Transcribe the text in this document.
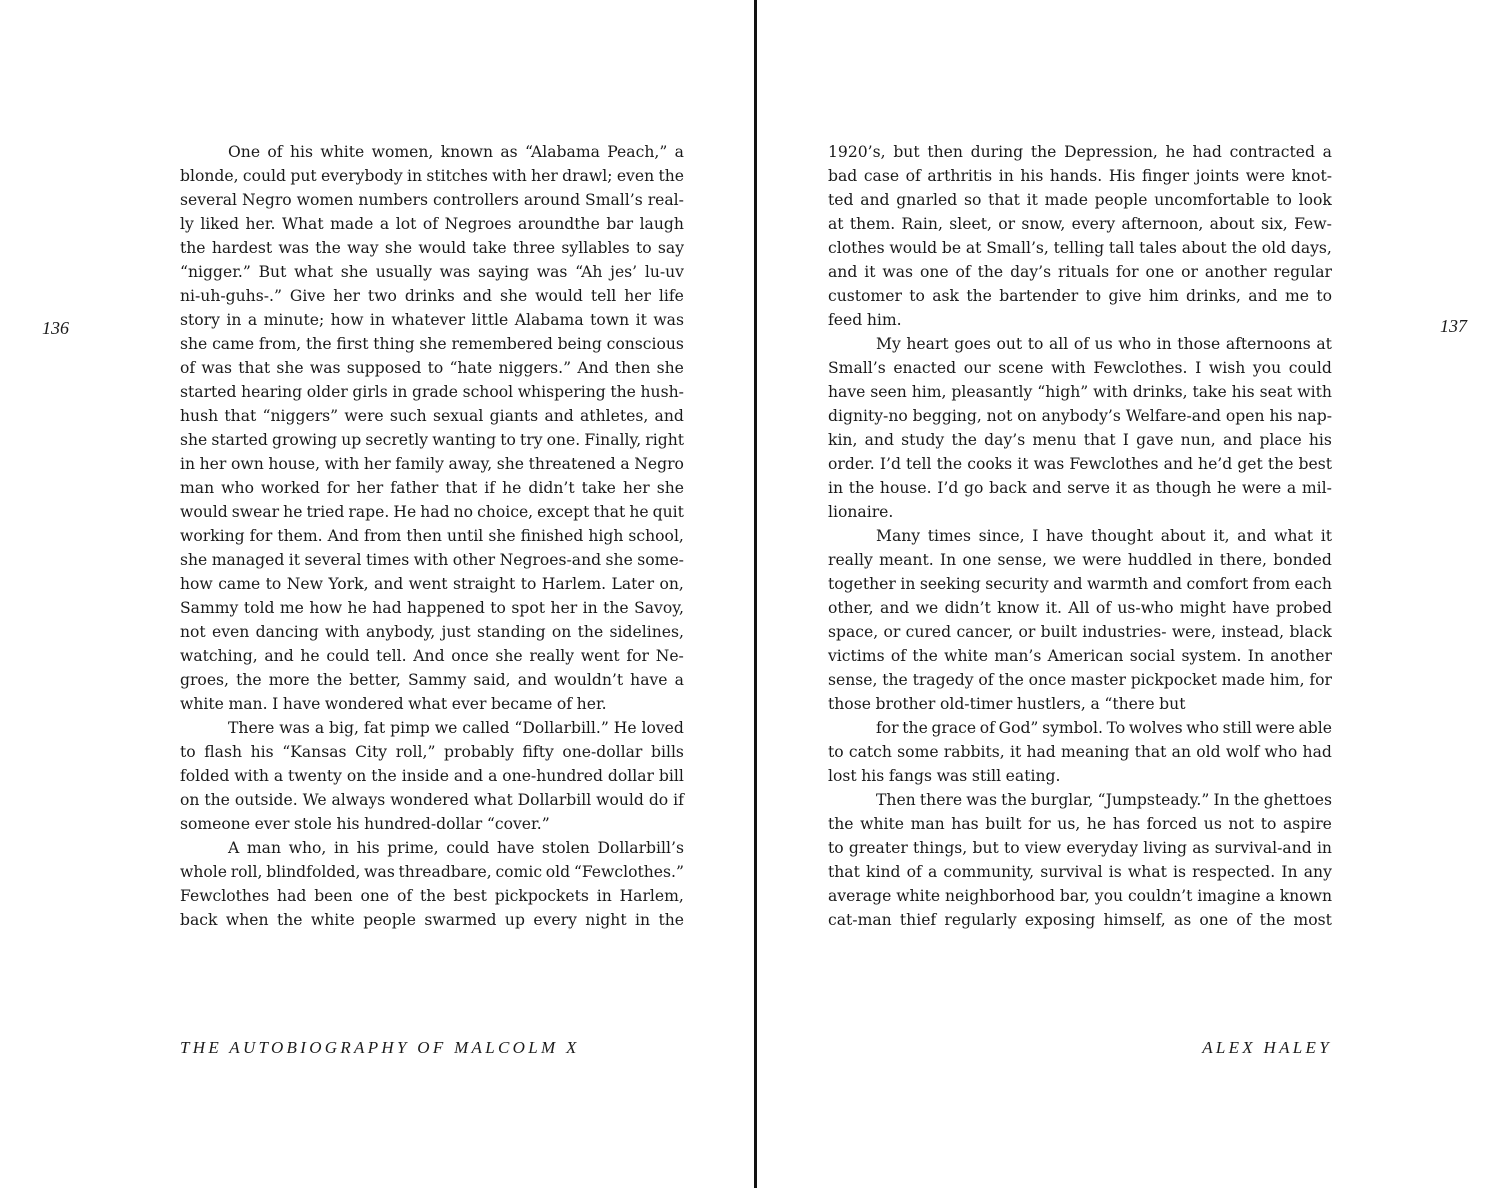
136	137
One of his white women, known as “Alabama Peach,” a
blonde, could put everybody in stitches with her drawl; even the
several Negro women numbers controllers around Small’s real-
ly liked her. What made a lot of Negroes aroundthe bar laugh
the hardest was the way she would take three syllables to say
“nigger.” But what she usually was saying was “Ah jes’ lu-uv
ni-uh-guhs-.” Give her two drinks and she would tell her life
story in a minute; how in whatever little Alabama town it was
she came from, the first thing she remembered being conscious
of was that she was supposed to “hate niggers.” And then she
started hearing older girls in grade school whispering the hush-
hush that “niggers” were such sexual giants and athletes, and
she started growing up secretly wanting to try one. Finally, right
in her own house, with her family away, she threatened a Negro
man who worked for her father that if he didn’t take her she
would swear he tried rape. He had no choice, except that he quit
working for them. And from then until she finished high school,
she managed it several times with other Negroes-and she some-
how came to New York, and went straight to Harlem. Later on,
Sammy told me how he had happened to spot her in the Savoy,
not even dancing with anybody, just standing on the sidelines,
watching, and he could tell. And once she really went for Ne-
groes, the more the better, Sammy said, and wouldn’t have a
white man. I have wondered what ever became of her.
There was a big, fat pimp we called “Dollarbill.” He loved
to flash his “Kansas City roll,” probably fifty one-dollar bills
folded with a twenty on the inside and a one-hundred dollar bill
on the outside. We always wondered what Dollarbill would do if
someone ever stole his hundred-dollar “cover.”
A man who, in his prime, could have stolen Dollarbill’s
whole roll, blindfolded, was threadbare, comic old “Fewclothes.”
Fewclothes had been one of the best pickpockets in Harlem,
back when the white people swarmed up every night in the
1920’s, but then during the Depression, he had contracted a
bad case of arthritis in his hands. His finger joints were knot-
ted and gnarled so that it made people uncomfortable to look
at them. Rain, sleet, or snow, every afternoon, about six, Few-
clothes would be at Small’s, telling tall tales about the old days,
and it was one of the day’s rituals for one or another regular
customer to ask the bartender to give him drinks, and me to
feed him.
My heart goes out to all of us who in those afternoons at
Small’s enacted our scene with Fewclothes. I wish you could
have seen him, pleasantly “high” with drinks, take his seat with
dignity-no begging, not on anybody’s Welfare-and open his nap-
kin, and study the day’s menu that I gave nun, and place his
order. I’d tell the cooks it was Fewclothes and he’d get the best
in the house. I’d go back and serve it as though he were a mil-
lionaire.
Many times since, I have thought about it, and what it
really meant. In one sense, we were huddled in there, bonded
together in seeking security and warmth and comfort from each
other, and we didn’t know it. All of us-who might have probed
space, or cured cancer, or built industries- were, instead, black
victims of the white man’s American social system. In another
sense, the tragedy of the once master pickpocket made him, for
those brother old-timer hustlers, a “there but
for the grace of God” symbol. To wolves who still were able
to catch some rabbits, it had meaning that an old wolf who had
lost his fangs was still eating.
Then there was the burglar, “Jumpsteady.” In the ghettoes
the white man has built for us, he has forced us not to aspire
to greater things, but to view everyday living as survival-and in
that kind of a community, survival is what is respected. In any
average white neighborhood bar, you couldn’t imagine a known
cat-man thief regularly exposing himself, as one of the most
THE AUTOBIOGRAPHY OF MALCOLM X	ALEX HALEY
